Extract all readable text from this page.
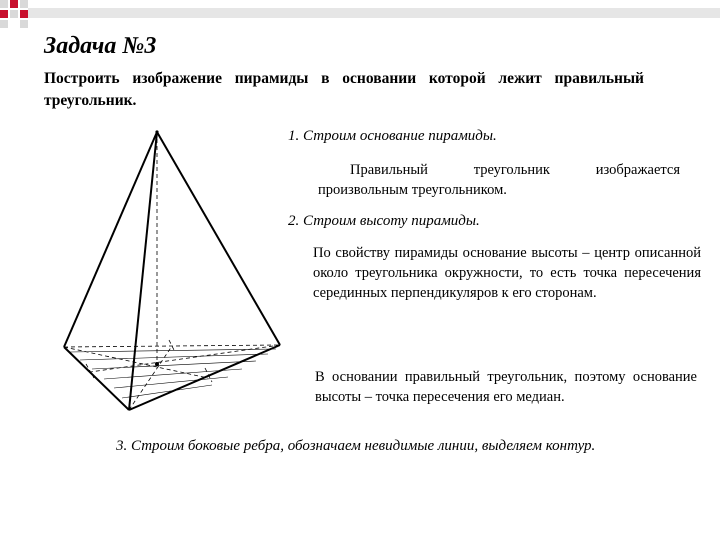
Задача №3
Построить изображение пирамиды в основании которой лежит правильный треугольник.
1. Строим основание пирамиды.
Правильный треугольник изображается произвольным треугольником.
2. Строим высоту пирамиды.
По свойству пирамиды основание высоты – центр описанной около треугольника окружности, то есть точка пересечения серединных перпендикуляров к его сторонам.
В основании правильный треугольник, поэтому основание высоты – точка пересечения его медиан.
3. Строим боковые ребра, обозначаем невидимые линии, выделяем контур.
